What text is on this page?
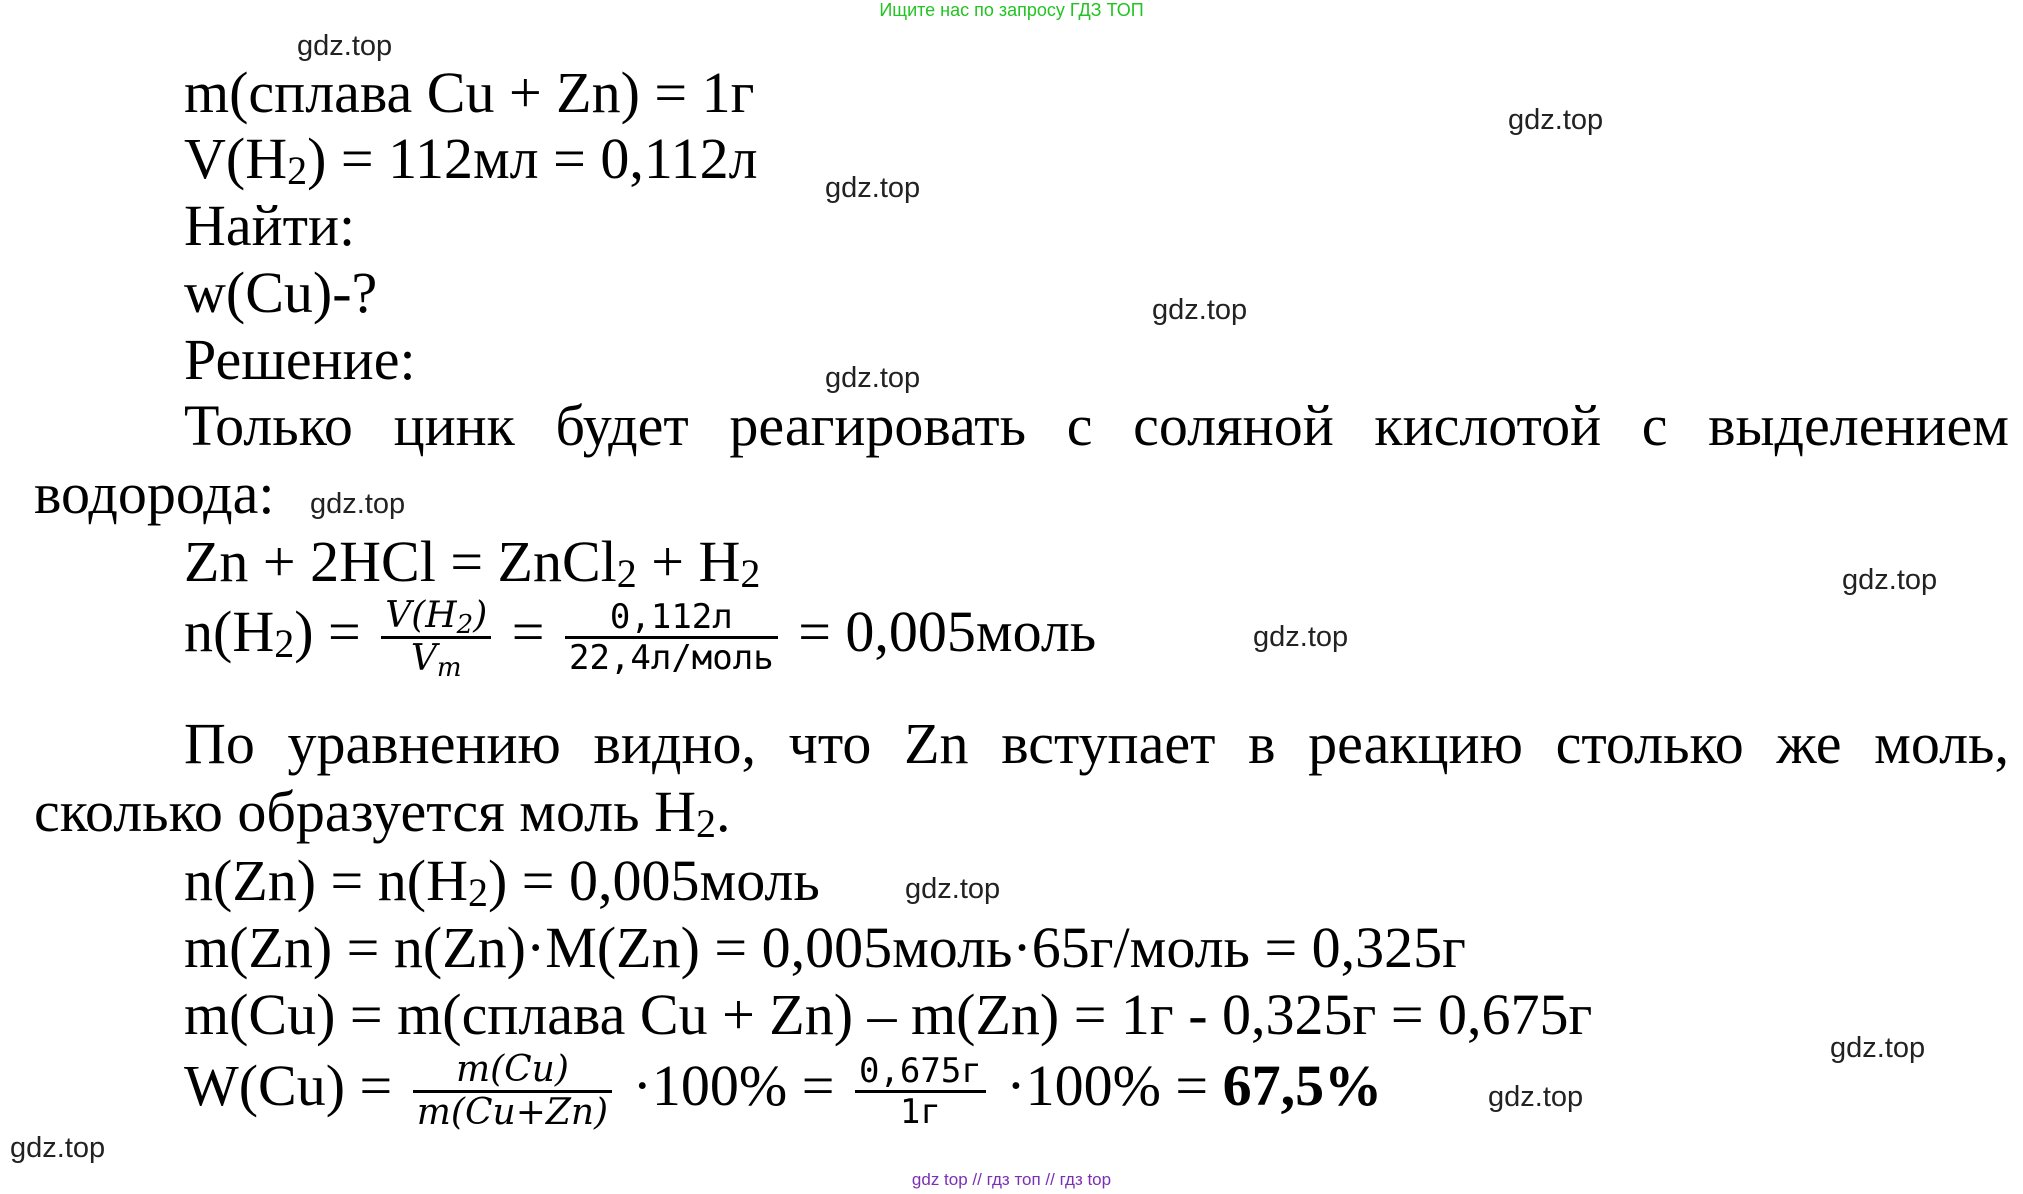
Ищите нас по запросу ГДЗ ТОП
gdz.top
gdz.top
gdz.top
gdz.top
gdz.top
gdz.top
gdz.top
gdz.top
gdz.top
gdz.top
gdz.top
gdz.top
m(сплава Cu + Zn) = 1г
$V(H_2) = 112мл = 0,112л$
Найти:
w(Cu)-?
Решение:
Только цинк будет реагировать с соляной кислотой с выделением водорода:
Zn + 2HCl = ZnCl$_2$ + $H_2$
$n(H_2) = \frac{V(H_2)}{V_m} = \frac{0,112л}{\text{22,4л/моль}}$ = 0,005моль
По уравнению видно, что Zn вступает в реакцию столько же моль, сколько образуется моль $H_2$.
$n(Zn) = n(H_2)$ = 0,005моль
m(Zn) = n(Zn)·M(Zn) = 0,005моль·65г/моль = 0,325г
m(Cu) = m(сплава Cu + Zn) – m(Zn) = 1г - 0,325г = 0,675г
$W(Cu) = \frac{m(Cu)}{m(Cu+Zn)} \cdot 100\% = \frac{0,675г}{1г} \cdot 100\% = 67,5\%$
gdz top // гдз топ // гдз top
